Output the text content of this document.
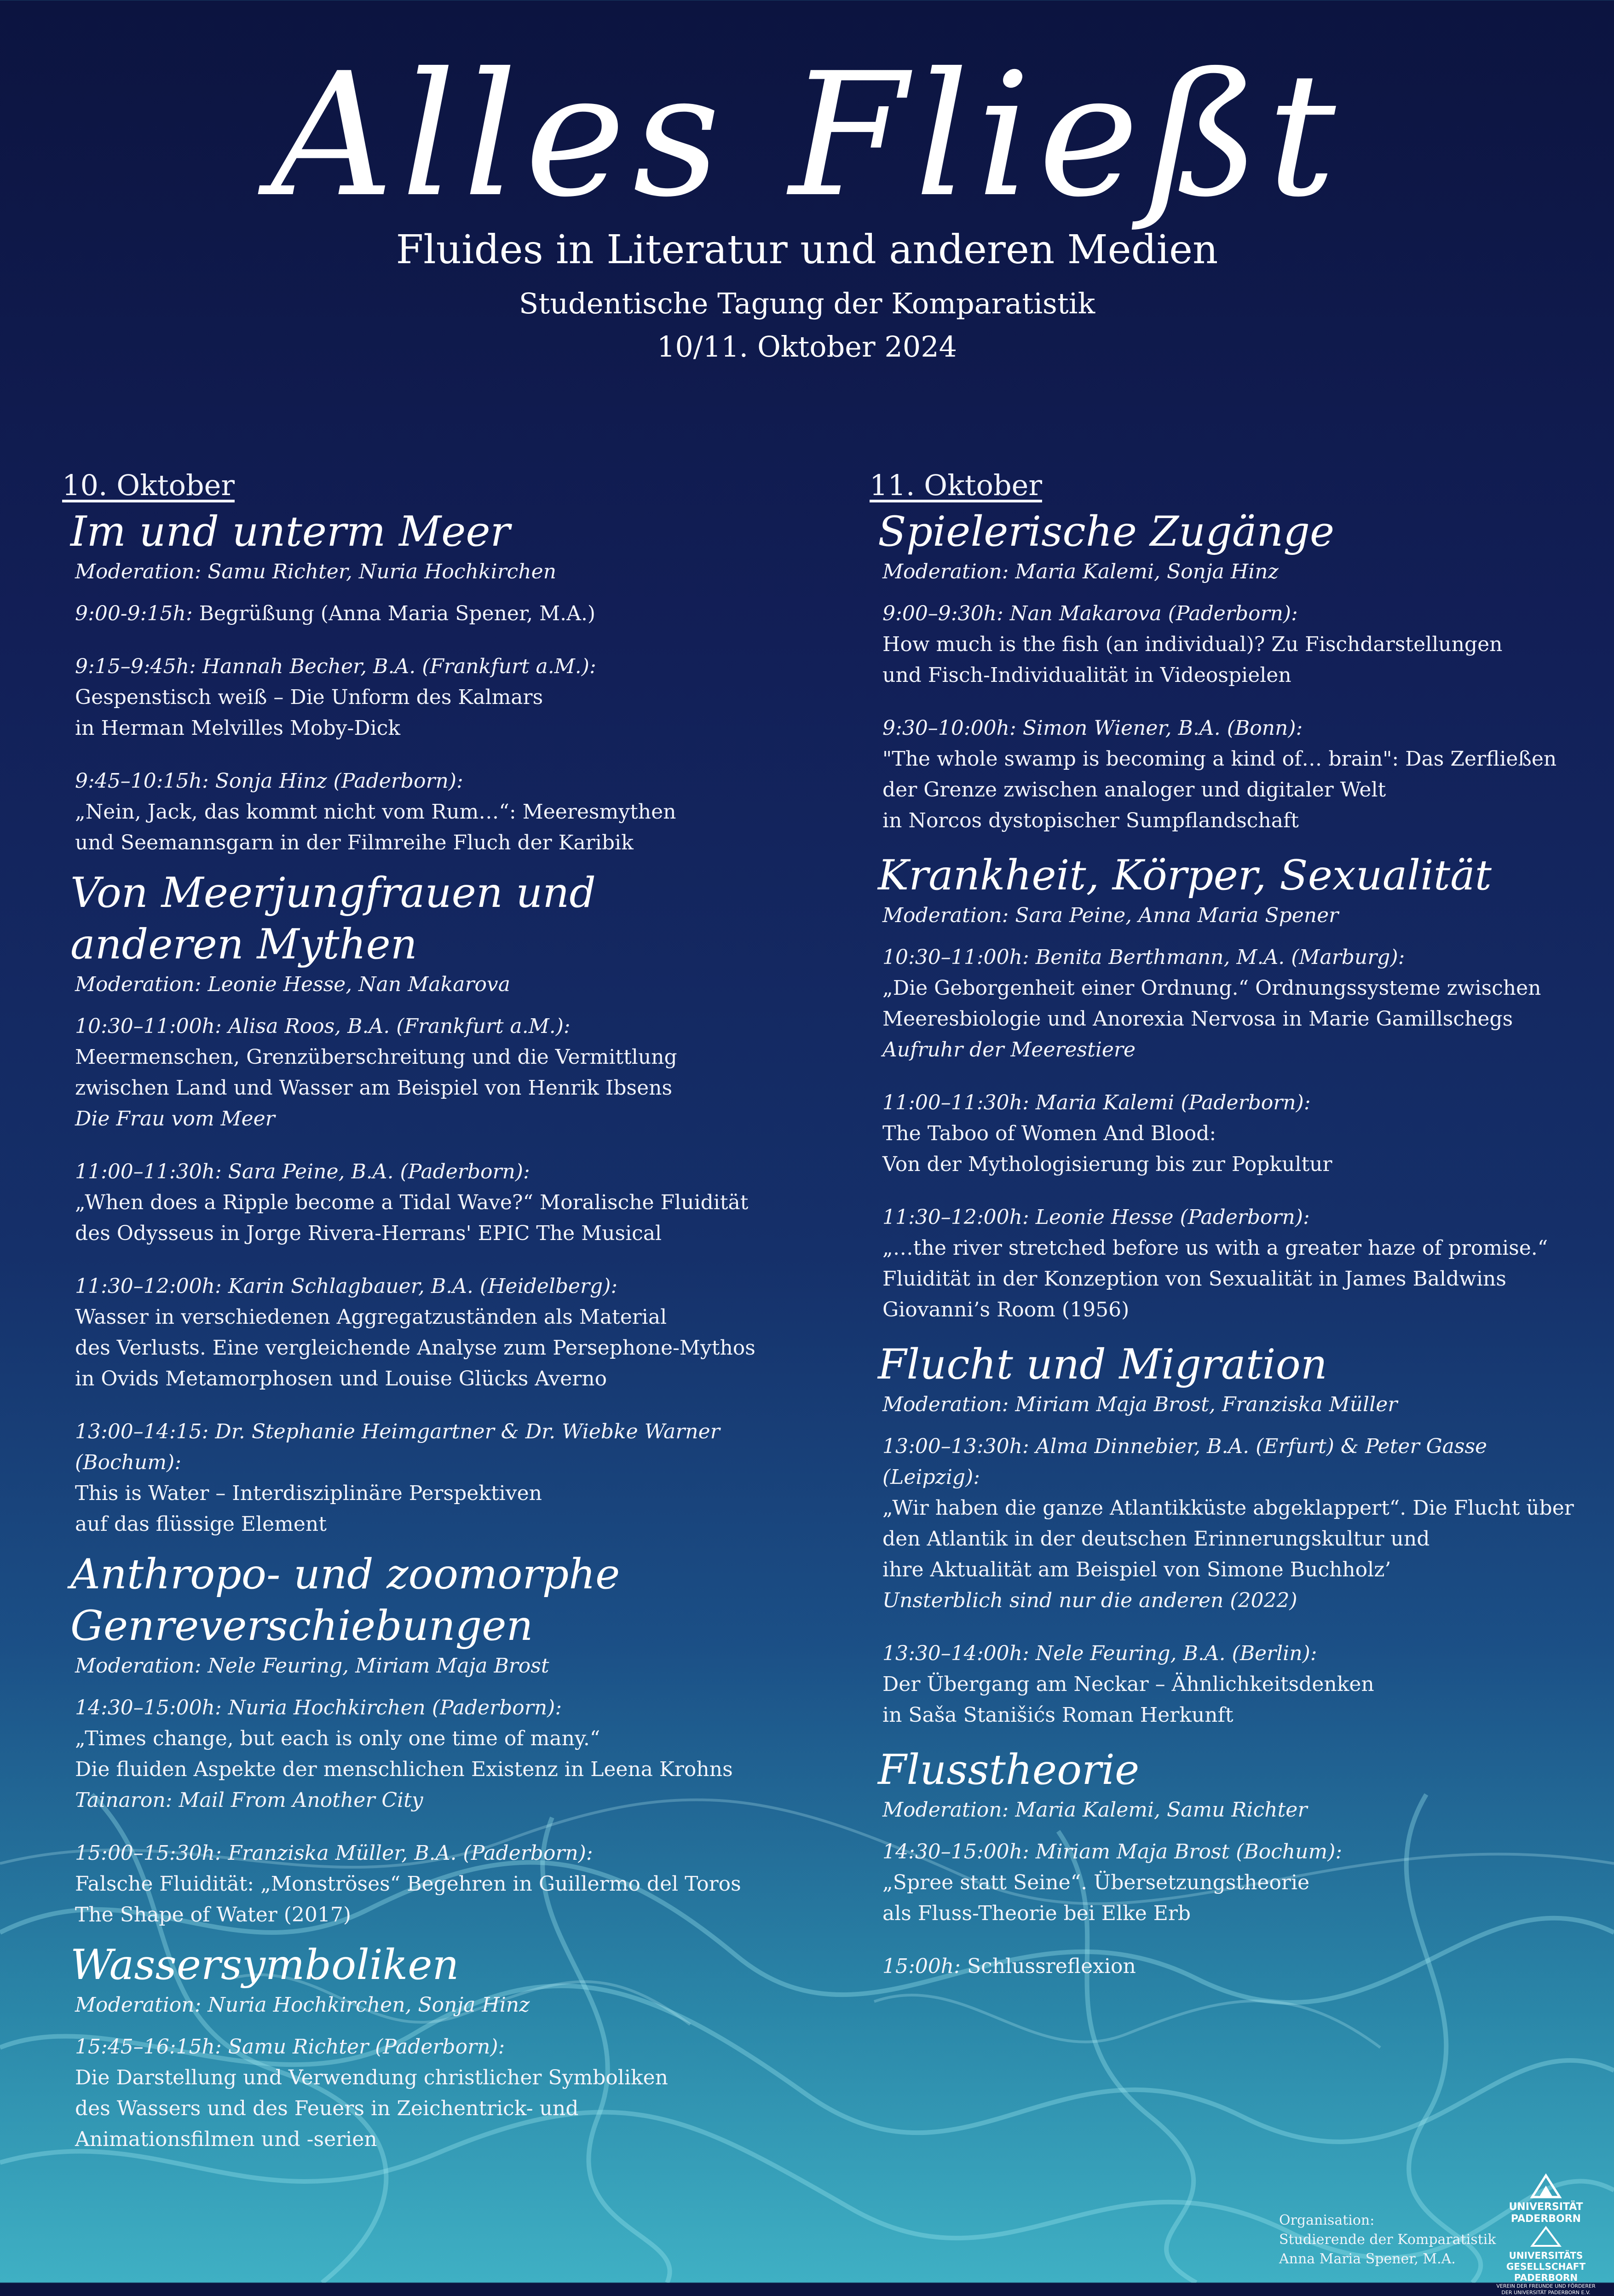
Alles Fließt
Fluides in Literatur und anderen Medien
Studentische Tagung der Komparatistik
10/11. Oktober 2024
10. Oktober
Im und unterm Meer
Moderation: Samu Richter, Nuria Hochkirchen
9:00-9:15h: Begrüßung (Anna Maria Spener, M.A.)
9:15–9:45h: Hannah Becher, B.A. (Frankfurt a.M.):
Gespenstisch weiß – Die Unform des Kalmars
in Herman Melvilles Moby-Dick
9:45–10:15h: Sonja Hinz (Paderborn):
„Nein, Jack, das kommt nicht vom Rum…“: Meeresmythen
und Seemannsgarn in der Filmreihe Fluch der Karibik
Von Meerjungfrauen und anderen Mythen
Moderation: Leonie Hesse, Nan Makarova
10:30–11:00h: Alisa Roos, B.A. (Frankfurt a.M.):
Meermenschen, Grenzüberschreitung und die Vermittlung
zwischen Land und Wasser am Beispiel von Henrik Ibsens
Die Frau vom Meer
11:00–11:30h: Sara Peine, B.A. (Paderborn):
„When does a Ripple become a Tidal Wave?“ Moralische Fluidität
des Odysseus in Jorge Rivera-Herrans' EPIC The Musical
11:30–12:00h: Karin Schlagbauer, B.A. (Heidelberg):
Wasser in verschiedenen Aggregatzuständen als Material
des Verlusts. Eine vergleichende Analyse zum Persephone-Mythos
in Ovids Metamorphosen und Louise Glücks Averno
13:00–14:15: Dr. Stephanie Heimgartner & Dr. Wiebke Warner (Bochum):
This is Water – Interdisziplinäre Perspektiven
auf das flüssige Element
Anthropo- und zoomorphe Genreverschiebungen
Moderation: Nele Feuring, Miriam Maja Brost
14:30–15:00h: Nuria Hochkirchen (Paderborn):
„Times change, but each is only one time of many.“
Die fluiden Aspekte der menschlichen Existenz in Leena Krohns
Tainaron: Mail From Another City
15:00–15:30h: Franziska Müller, B.A. (Paderborn):
Falsche Fluidität: „Monströses“ Begehren in Guillermo del Toros
The Shape of Water (2017)
Wassersymboliken
Moderation: Nuria Hochkirchen, Sonja Hinz
15:45–16:15h: Samu Richter (Paderborn):
Die Darstellung und Verwendung christlicher Symboliken
des Wassers und des Feuers in Zeichentrick- und
Animationsfilmen und -serien
11. Oktober
Spielerische Zugänge
Moderation: Maria Kalemi, Sonja Hinz
9:00–9:30h: Nan Makarova (Paderborn):
How much is the fish (an individual)? Zu Fischdarstellungen
und Fisch-Individualität in Videospielen
9:30–10:00h: Simon Wiener, B.A. (Bonn):
"The whole swamp is becoming a kind of… brain": Das Zerfließen
der Grenze zwischen analoger und digitaler Welt
in Norcos dystopischer Sumpflandschaft
Krankheit, Körper, Sexualität
Moderation: Sara Peine, Anna Maria Spener
10:30–11:00h: Benita Berthmann, M.A. (Marburg):
„Die Geborgenheit einer Ordnung.“ Ordnungssysteme zwischen
Meeresbiologie und Anorexia Nervosa in Marie Gamillschegs
Aufruhr der Meerestiere
11:00–11:30h: Maria Kalemi (Paderborn):
The Taboo of Women And Blood:
Von der Mythologisierung bis zur Popkultur
11:30–12:00h: Leonie Hesse (Paderborn):
„…the river stretched before us with a greater haze of promise.“
Fluidität in der Konzeption von Sexualität in James Baldwins
Giovanni’s Room (1956)
Flucht und Migration
Moderation: Miriam Maja Brost, Franziska Müller
13:00–13:30h: Alma Dinnebier, B.A. (Erfurt) & Peter Gasse (Leipzig):
„Wir haben die ganze Atlantikküste abgeklappert“. Die Flucht über
den Atlantik in der deutschen Erinnerungskultur und
ihre Aktualität am Beispiel von Simone Buchholz’
Unsterblich sind nur die anderen (2022)
13:30–14:00h: Nele Feuring, B.A. (Berlin):
Der Übergang am Neckar – Ähnlichkeitsdenken
in Saša Stanišićs Roman Herkunft
Flusstheorie
Moderation: Maria Kalemi, Samu Richter
14:30–15:00h: Miriam Maja Brost (Bochum):
„Spree statt Seine“. Übersetzungstheorie
als Fluss-Theorie bei Elke Erb
15:00h: Schlussreflexion
Organisation:
Studierende der Komparatistik
Anna Maria Spener, M.A.
UNIVERSITÄT PADERBORN
UNIVERSITÄTS GESELLSCHAFT PADERBORN
VEREIN DER FREUNDE UND FÖRDERER DER UNIVERSITÄT PADERBORN E.V.
